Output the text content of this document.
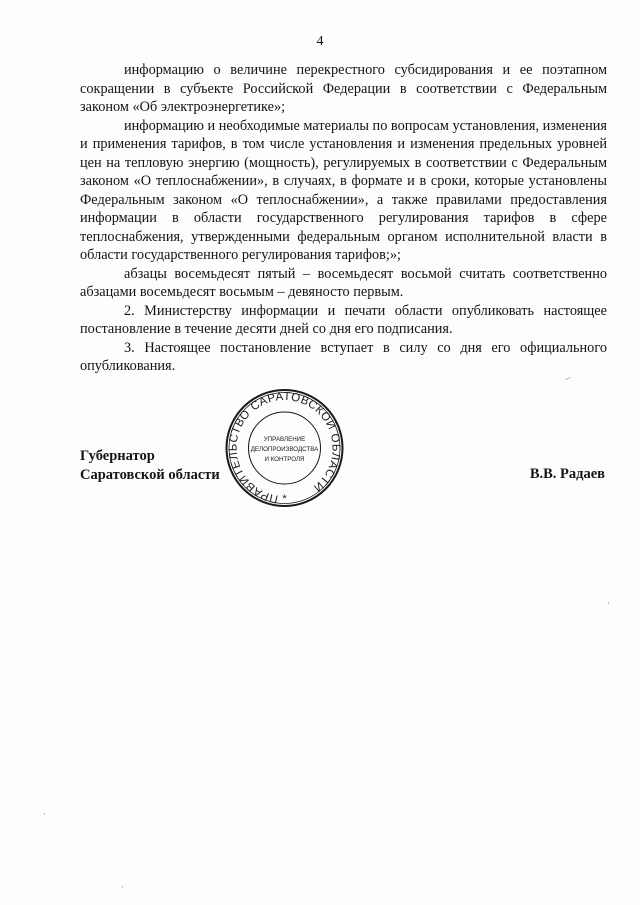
4

информацию о величине перекрестного субсидирования и ее поэтапном сокращении в субъекте Российской Федерации в соответствии с Федеральным законом «Об электроэнергетике»;

информацию и необходимые материалы по вопросам установления, изменения и применения тарифов, в том числе установления и изменения предельных уровней цен на тепловую энергию (мощность), регулируемых в соответствии с Федеральным законом «О теплоснабжении», в случаях, в формате и в сроки, которые установлены Федеральным законом «О теплоснабжении», а также правилами предоставления информации в области государственного регулирования тарифов в сфере теплоснабжения, утвержденными федеральным органом исполнительной власти в области государственного регулирования тарифов;»;

абзацы восемьдесят пятый – восемьдесят восьмой считать соответственно абзацами восемьдесят восьмым – девяносто первым.

2. Министерству информации и печати области опубликовать настоящее постановление в течение десяти дней со дня его подписания.

3. Настоящее постановление вступает в силу со дня его официального опубликования.

Губернатор
Саратовской области
ПРАВИТЕЛЬСТВО САРАТОВСКОЙ ОБЛАСТИ
УПРАВЛЕНИЕ
ДЕЛОПРОИЗВОДСТВА
И КОНТРОЛЯ
*
В.В. Радаев
